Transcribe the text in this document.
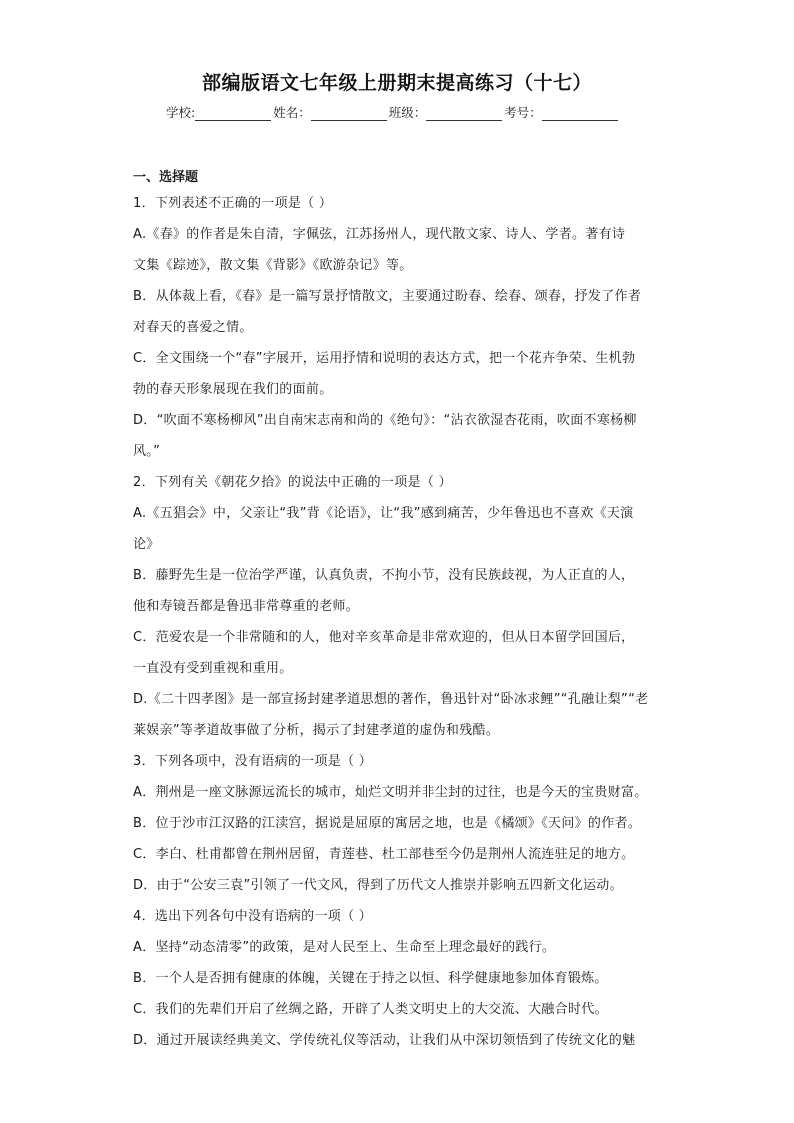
部编版语文七年级上册期末提高练习（十七）
学校:	姓名：	班级：	考号：
一、选择题
1．下列表述不正确的一项是（ ）
A.《春》的作者是朱自清，字佩弦，江苏扬州人，现代散文家、诗人、学者。著有诗
文集《踪迹》，散文集《背影》《欧游杂记》等。
B．从体裁上看，《春》是一篇写景抒情散文，主要通过盼春、绘春、颂春，抒发了作者
对春天的喜爱之情。
C．全文围绕一个“春”字展开，运用抒情和说明的表达方式，把一个花卉争荣、生机勃
勃的春天形象展现在我们的面前。
D．“吹面不寒杨柳风”出自南宋志南和尚的《绝句》：“沾衣欲湿杏花雨，吹面不寒杨柳
风。”
2．下列有关《朝花夕拾》的说法中正确的一项是（ ）
A.《五猖会》中，父亲让“我”背《论语》，让“我”感到痛苦，少年鲁迅也不喜欢《天演
论》
B．藤野先生是一位治学严谨，认真负责，不拘小节，没有民族歧视，为人正直的人，
他和寿镜吾都是鲁迅非常尊重的老师。
C．范爱农是一个非常随和的人，他对辛亥革命是非常欢迎的，但从日本留学回国后，
一直没有受到重视和重用。
D.《二十四孝图》是一部宣扬封建孝道思想的著作，鲁迅针对“卧冰求鲤”“孔融让梨”“老
莱娱亲”等孝道故事做了分析，揭示了封建孝道的虚伪和残酷。
3．下列各项中，没有语病的一项是（ ）
A．荆州是一座文脉源远流长的城市，灿烂文明并非尘封的过往，也是今天的宝贵财富。
B．位于沙市江汉路的江渎宫，据说是屈原的寓居之地，也是《橘颂》《天问》的作者。
C．李白、杜甫都曾在荆州居留，青莲巷、杜工部巷至今仍是荆州人流连驻足的地方。
D．由于“公安三袁”引领了一代文风，得到了历代文人推崇并影响五四新文化运动。
4．选出下列各句中没有语病的一项（ ）
A．坚持“动态清零”的政策，是对人民至上、生命至上理念最好的践行。
B．一个人是否拥有健康的体魄，关键在于持之以恒、科学健康地参加体育锻炼。
C．我们的先辈们开启了丝绸之路，开辟了人类文明史上的大交流、大融合时代。
D．通过开展读经典美文、学传统礼仪等活动，让我们从中深切领悟到了传统文化的魅
